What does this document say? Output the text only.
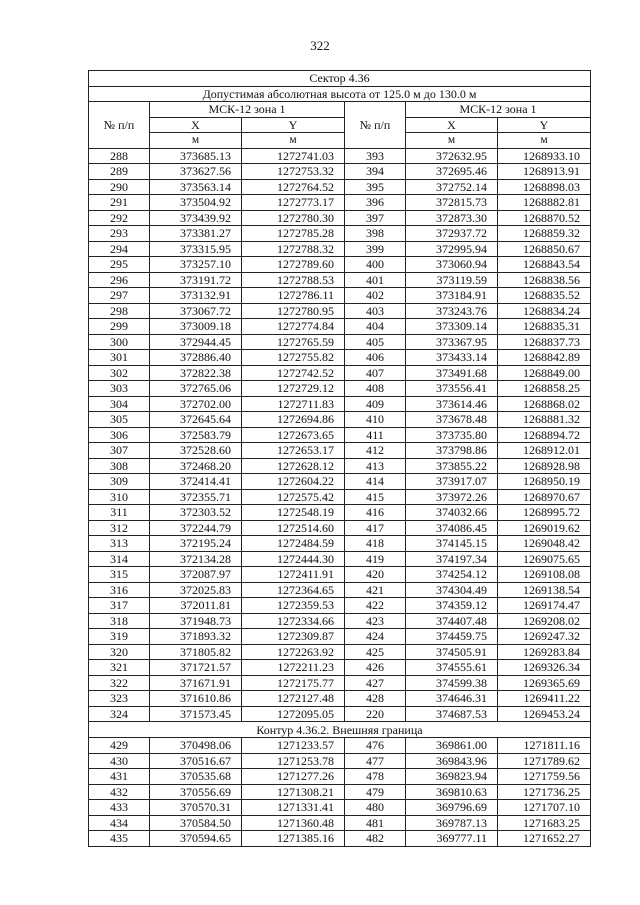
322
Сектор 4.36					
Допустимая абсолютная высота от 125.0 м до 130.0 м					
№ п/п	МСК-12 зона 1		№ п/п	МСК-12 зона 1	
	X	Y		X	Y
	м	м		м	м
288	373685.13	1272741.03	393	372632.95	1268933.10
289	373627.56	1272753.32	394	372695.46	1268913.91
290	373563.14	1272764.52	395	372752.14	1268898.03
291	373504.92	1272773.17	396	372815.73	1268882.81
292	373439.92	1272780.30	397	372873.30	1268870.52
293	373381.27	1272785.28	398	372937.72	1268859.32
294	373315.95	1272788.32	399	372995.94	1268850.67
295	373257.10	1272789.60	400	373060.94	1268843.54
296	373191.72	1272788.53	401	373119.59	1268838.56
297	373132.91	1272786.11	402	373184.91	1268835.52
298	373067.72	1272780.95	403	373243.76	1268834.24
299	373009.18	1272774.84	404	373309.14	1268835.31
300	372944.45	1272765.59	405	373367.95	1268837.73
301	372886.40	1272755.82	406	373433.14	1268842.89
302	372822.38	1272742.52	407	373491.68	1268849.00
303	372765.06	1272729.12	408	373556.41	1268858.25
304	372702.00	1272711.83	409	373614.46	1268868.02
305	372645.64	1272694.86	410	373678.48	1268881.32
306	372583.79	1272673.65	411	373735.80	1268894.72
307	372528.60	1272653.17	412	373798.86	1268912.01
308	372468.20	1272628.12	413	373855.22	1268928.98
309	372414.41	1272604.22	414	373917.07	1268950.19
310	372355.71	1272575.42	415	373972.26	1268970.67
311	372303.52	1272548.19	416	374032.66	1268995.72
312	372244.79	1272514.60	417	374086.45	1269019.62
313	372195.24	1272484.59	418	374145.15	1269048.42
314	372134.28	1272444.30	419	374197.34	1269075.65
315	372087.97	1272411.91	420	374254.12	1269108.08
316	372025.83	1272364.65	421	374304.49	1269138.54
317	372011.81	1272359.53	422	374359.12	1269174.47
318	371948.73	1272334.66	423	374407.48	1269208.02
319	371893.32	1272309.87	424	374459.75	1269247.32
320	371805.82	1272263.92	425	374505.91	1269283.84
321	371721.57	1272211.23	426	374555.61	1269326.34
322	371671.91	1272175.77	427	374599.38	1269365.69
323	371610.86	1272127.48	428	374646.31	1269411.22
324	371573.45	1272095.05	220	374687.53	1269453.24
Контур 4.36.2. Внешняя граница					
429	370498.06	1271233.57	476	369861.00	1271811.16
430	370516.67	1271253.78	477	369843.96	1271789.62
431	370535.68	1271277.26	478	369823.94	1271759.56
432	370556.69	1271308.21	479	369810.63	1271736.25
433	370570.31	1271331.41	480	369796.69	1271707.10
434	370584.50	1271360.48	481	369787.13	1271683.25
435	370594.65	1271385.16	482	369777.11	1271652.27
